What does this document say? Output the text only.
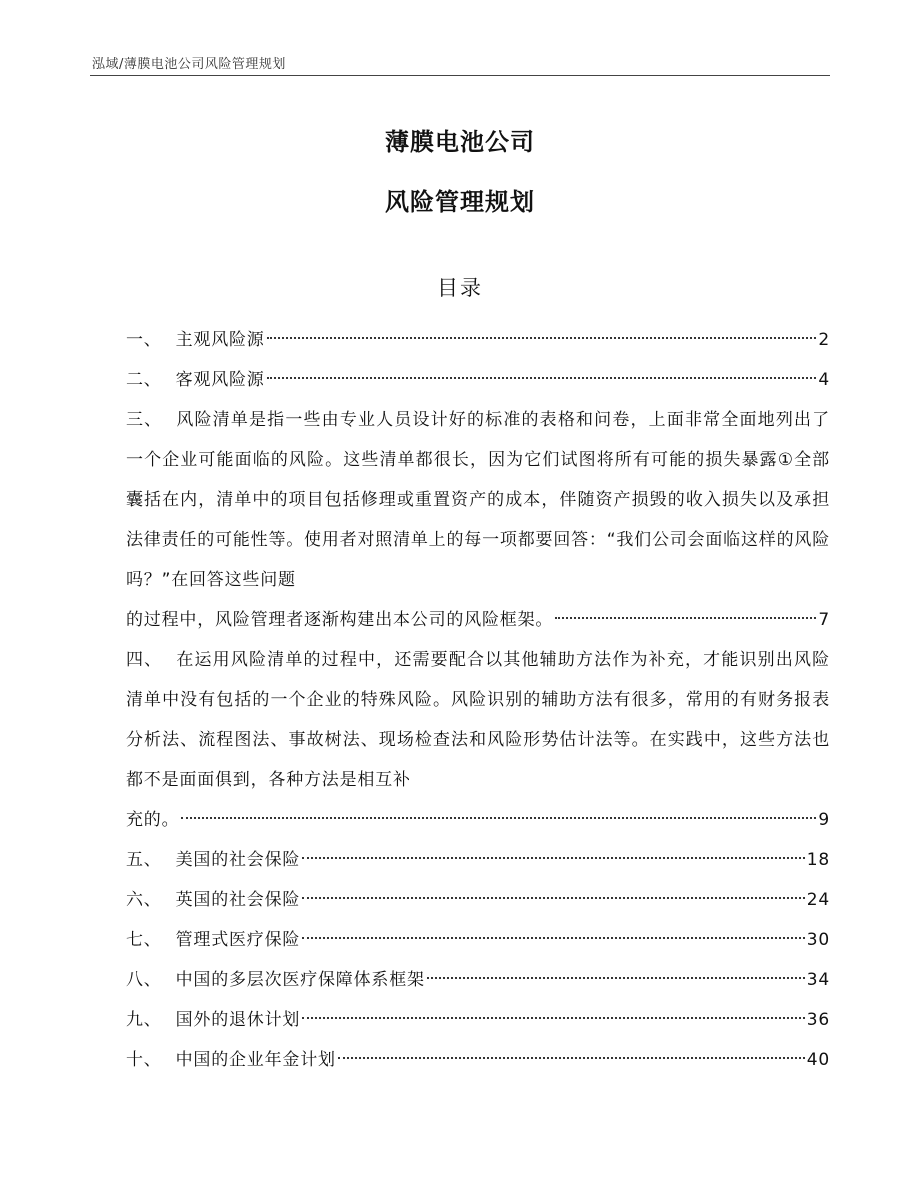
泓域/薄膜电池公司风险管理规划
薄膜电池公司
风险管理规划
目录
一、 主观风险源	2
二、 客观风险源	4
三、 风险清单是指一些由专业人员设计好的标准的表格和问卷，上面非常全面地列出了一个企业可能面临的风险。这些清单都很长，因为它们试图将所有可能的损失暴露①全部囊括在内，清单中的项目包括修理或重置资产的成本，伴随资产损毁的收入损失以及承担法律责任的可能性等。使用者对照清单上的每一项都要回答：“我们公司会面临这样的风险吗？”在回答这些问题
的过程中，风险管理者逐渐构建出本公司的风险框架。	7
四、 在运用风险清单的过程中，还需要配合以其他辅助方法作为补充，才能识别出风险清单中没有包括的一个企业的特殊风险。风险识别的辅助方法有很多，常用的有财务报表分析法、流程图法、事故树法、现场检查法和风险形势估计法等。在实践中，这些方法也都不是面面俱到，各种方法是相互补
充的。	9
五、 美国的社会保险	18
六、 英国的社会保险	24
七、 管理式医疗保险	30
八、 中国的多层次医疗保障体系框架	34
九、 国外的退休计划	36
十、 中国的企业年金计划	40
